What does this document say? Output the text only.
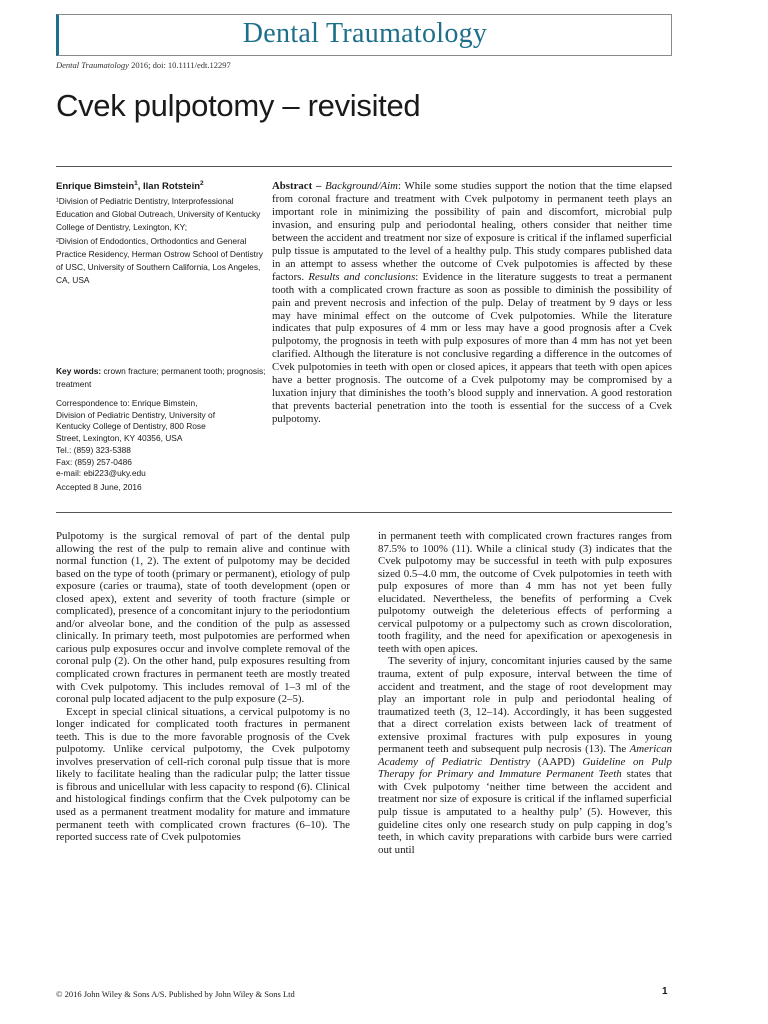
Dental Traumatology
Dental Traumatology 2016; doi: 10.1111/edt.12297
Cvek pulpotomy – revisited
Enrique Bimstein$^1$, Ilan Rotstein$^2$

¹Division of Pediatric Dentistry, Interprofessional Education and Global Outreach, University of Kentucky College of Dentistry, Lexington, KY;

²Division of Endodontics, Orthodontics and General Practice Residency, Herman Ostrow School of Dentistry of USC, University of Southern California, Los Angeles, CA, USA

Key words: crown fracture; permanent tooth; prognosis; treatment
Correspondence to: Enrique Bimstein,
Division of Pediatric Dentistry, University of
Kentucky College of Dentistry, 800 Rose
Street, Lexington, KY 40356, USA
Tel.: (859) 323-5388
Fax: (859) 257-0486
e-mail: ebi223@uky.edu
Accepted 8 June, 2016
Abstract – Background/Aim: While some studies support the notion that the time elapsed from coronal fracture and treatment with Cvek pulpotomy in permanent teeth plays an important role in minimizing the possibility of pain and discomfort, microbial pulp invasion, and ensuring pulp and periodontal healing, others consider that neither time between the accident and treatment nor size of exposure is critical if the inflamed superficial pulp tissue is amputated to the level of a healthy pulp. This study compares published data in an attempt to assess whether the outcome of Cvek pulpotomies is affected by these factors. Results and conclusions: Evidence in the literature suggests to treat a permanent tooth with a complicated crown fracture as soon as possible to diminish the possibility of pain and prevent necrosis and infection of the pulp. Delay of treatment by 9 days or less may have minimal effect on the outcome of Cvek pulpotomies. While the literature indicates that pulp exposures of 4 mm or less may have a good prognosis after a Cvek pulpotomy, the prognosis in teeth with pulp exposures of more than 4 mm has not yet been clarified. Although the literature is not conclusive regarding a difference in the outcomes of Cvek pulpotomies in teeth with open or closed apices, it appears that teeth with open apices have a better prognosis. The outcome of a Cvek pulpotomy may be compromised by a luxation injury that diminishes the tooth’s blood supply and innervation. A good restoration that prevents bacterial penetration into the tooth is essential for the success of a Cvek pulpotomy.

Pulpotomy is the surgical removal of part of the dental pulp allowing the rest of the pulp to remain alive and continue with normal function (1, 2). The extent of pulpotomy may be decided based on the type of tooth (primary or permanent), etiology of pulp exposure (caries or trauma), state of tooth development (open or closed apex), extent and severity of tooth fracture (simple or complicated), presence of a concomitant injury to the periodontium and/or alveolar bone, and the condition of the pulp as assessed clinically. In primary teeth, most pulpotomies are performed when carious pulp exposures occur and involve complete removal of the coronal pulp (2). On the other hand, pulp exposures resulting from complicated crown fractures in permanent teeth are mostly treated with Cvek pulpotomy. This includes removal of 1–3 ml of the coronal pulp located adjacent to the pulp exposure (2–5).

Except in special clinical situations, a cervical pulpotomy is no longer indicated for complicated tooth fractures in permanent teeth. This is due to the more favorable prognosis of the Cvek pulpotomy. Unlike cervical pulpotomy, the Cvek pulpotomy involves preservation of cell-rich coronal pulp tissue that is more likely to facilitate healing than the radicular pulp; the latter tissue is fibrous and unicellular with less capacity to respond (6). Clinical and histological findings confirm that the Cvek pulpotomy can be used as a permanent treatment modality for mature and immature permanent teeth with complicated crown fractures (6–10). The reported success rate of Cvek pulpotomies

in permanent teeth with complicated crown fractures ranges from 87.5% to 100% (11). While a clinical study (3) indicates that the Cvek pulpotomy may be successful in teeth with pulp exposures sized 0.5–4.0 mm, the outcome of Cvek pulpotomies in teeth with pulp exposures of more than 4 mm has not yet been fully elucidated. Nevertheless, the benefits of performing a Cvek pulpotomy outweigh the deleterious effects of performing a cervical pulpotomy or a pulpectomy such as crown discoloration, tooth fragility, and the need for apexification or apexogenesis in teeth with open apices.

The severity of injury, concomitant injuries caused by the same trauma, extent of pulp exposure, interval between the time of accident and treatment, and the stage of root development may play an important role in pulp and periodontal healing of traumatized teeth (3, 12–14). Accordingly, it has been suggested that a direct correlation exists between lack of treatment of extensive proximal fractures with pulp exposures in young permanent teeth and subsequent pulp necrosis (13). The American Academy of Pediatric Dentistry (AAPD) Guideline on Pulp Therapy for Primary and Immature Permanent Teeth states that with Cvek pulpotomy ‘neither time between the accident and treatment nor size of exposure is critical if the inflamed superficial pulp tissue is amputated to a healthy pulp’ (5). However, this guideline cites only one research study on pulp capping in dog’s teeth, in which cavity preparations with carbide burs were carried out until

© 2016 John Wiley & Sons A/S. Published by John Wiley & Sons Ltd	1
